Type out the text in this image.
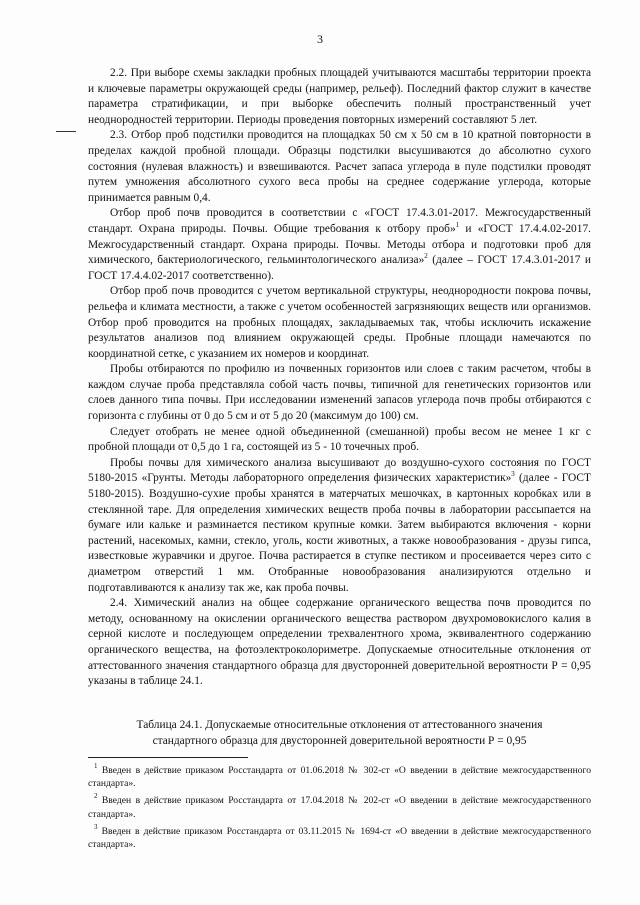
3

2.2. При выборе схемы закладки пробных площадей учитываются масштабы территории проекта и ключевые параметры окружающей среды (например, рельеф). Последний фактор служит в качестве параметра стратификации, и при выборке обеспечить полный пространственный учет неоднородностей территории. Периоды проведения повторных измерений составляют 5 лет.

2.3. Отбор проб подстилки проводится на площадках 50 см х 50 см в 10 кратной повторности в пределах каждой пробной площади. Образцы подстилки высушиваются до абсолютно сухого состояния (нулевая влажность) и взвешиваются. Расчет запаса углерода в пуле подстилки проводят путем умножения абсолютного сухого веса пробы на среднее содержание углерода, которые принимается равным 0,4.

Отбор проб почв проводится в соответствии с «ГОСТ 17.4.3.01-2017. Межгосударственный стандарт. Охрана природы. Почвы. Общие требования к отбору проб»$^1$ и «ГОСТ 17.4.4.02-2017. Межгосударственный стандарт. Охрана природы. Почвы. Методы отбора и подготовки проб для химического, бактериологического, гельминтологического анализа»$^2$ (далее – ГОСТ 17.4.3.01-2017 и ГОСТ 17.4.4.02-2017 соответственно).

Отбор проб почв проводится с учетом вертикальной структуры, неоднородности покрова почвы, рельефа и климата местности, а также с учетом особенностей загрязняющих веществ или организмов. Отбор проб проводится на пробных площадях, закладываемых так, чтобы исключить искажение результатов анализов под влиянием окружающей среды. Пробные площади намечаются по координатной сетке, с указанием их номеров и координат.

Пробы отбираются по профилю из почвенных горизонтов или слоев с таким расчетом, чтобы в каждом случае проба представляла собой часть почвы, типичной для генетических горизонтов или слоев данного типа почвы. При исследовании изменений запасов углерода почв пробы отбираются с горизонта с глубины от 0 до 5 см и от 5 до 20 (максимум до 100) см.

Следует отобрать не менее одной объединенной (смешанной) пробы весом не менее 1 кг с пробной площади от 0,5 до 1 га, состоящей из 5 - 10 точечных проб.

Пробы почвы для химического анализа высушивают до воздушно-сухого состояния по ГОСТ 5180-2015 «Грунты. Методы лабораторного определения физических характеристик»$^3$ (далее - ГОСТ 5180-2015). Воздушно-сухие пробы хранятся в матерчатых мешочках, в картонных коробках или в стеклянной таре. Для определения химических веществ проба почвы в лаборатории рассыпается на бумаге или кальке и разминается пестиком крупные комки. Затем выбираются включения - корни растений, насекомых, камни, стекло, уголь, кости животных, а также новообразования - друзы гипса, известковые журавчики и другое. Почва растирается в ступке пестиком и просеивается через сито с диаметром отверстий 1 мм. Отобранные новообразования анализируются отдельно и подготавливаются к анализу так же, как проба почвы.

2.4. Химический анализ на общее содержание органического вещества почв проводится по методу, основанному на окислении органического вещества раствором двухромовокислого калия в серной кислоте и последующем определении трехвалентного хрома, эквивалентного содержанию органического вещества, на фотоэлектроколориметре. Допускаемые относительные отклонения от аттестованного значения стандартного образца для двусторонней доверительной вероятности Р = 0,95 указаны в таблице 24.1.

Таблица 24.1. Допускаемые относительные отклонения от аттестованного значения
стандартного образца для двусторонней доверительной вероятности Р = 0,95

$^1$ Введен в действие приказом Росстандарта от 01.06.2018 № 302-ст «О введении в действие межгосударственного стандарта».

$^2$ Введен в действие приказом Росстандарта от 17.04.2018 № 202-ст «О введении в действие межгосударственного стандарта».

$^3$ Введен в действие приказом Росстандарта от 03.11.2015 № 1694-ст «О введении в действие межгосударственного стандарта».
